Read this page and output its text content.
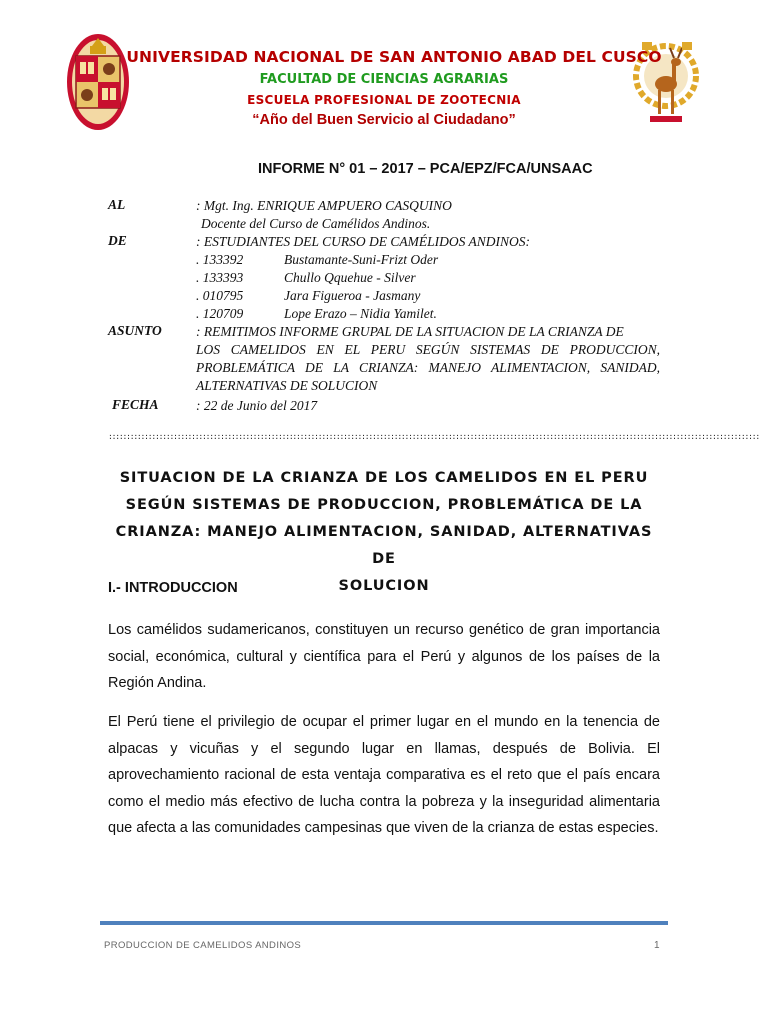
UNIVERSIDAD NACIONAL DE SAN ANTONIO ABAD DEL CUSCO
FACULTAD DE CIENCIAS AGRARIAS
ESCUELA PROFESIONAL DE ZOOTECNIA
“Año del Buen Servicio al Ciudadano”
INFORME N° 01 – 2017 – PCA/EPZ/FCA/UNSAAC
AL	: Mgt. Ing. ENRIQUE AMPUERO CASQUINO
Docente del Curso de Camélidos Andinos.
DE	: ESTUDIANTES DEL CURSO DE CAMÉLIDOS ANDINOS:
. 133392	Bustamante-Suni-Frizt Oder
. 133393	Chullo Qquehue - Silver
. 010795	Jara Figueroa - Jasmany
. 120709	Lope Erazo – Nidia Yamilet.
ASUNTO	: REMITIMOS INFORME GRUPAL DE LA SITUACION DE LA CRIANZA DE
LOS CAMELIDOS EN EL PERU SEGÚN SISTEMAS DE PRODUCCION,
PROBLEMÁTICA DE LA CRIANZA: MANEJO ALIMENTACION, SANIDAD,
ALTERNATIVAS DE SOLUCION
FECHA	: 22 de Junio del 2017
::::::::::::::::::::::::::::::::::::::::::::::::::::::::::::::::::::::::::::::::::::::::::::::::::::::::::::::::::::::::::::::::::::::::::::::::::::::::::::::::::::::::::::::::::::
SITUACION DE LA CRIANZA DE LOS CAMELIDOS EN EL PERU
SEGÚN SISTEMAS DE PRODUCCION, PROBLEMÁTICA DE LA
CRIANZA: MANEJO ALIMENTACION, SANIDAD, ALTERNATIVAS DE
SOLUCION
I.- INTRODUCCION
Los camélidos sudamericanos, constituyen un recurso genético de gran importancia social, económica, cultural y científica para el Perú y algunos de los países de la Región Andina.
El Perú tiene el privilegio de ocupar el primer lugar en el mundo en la tenencia de alpacas y vicuñas y el segundo lugar en llamas, después de Bolivia. El aprovechamiento racional de esta ventaja comparativa es el reto que el país encara como el medio más efectivo de lucha contra la pobreza y la inseguridad alimentaria que afecta a las comunidades campesinas que viven de la crianza de estas especies.
PRODUCCION DE CAMELIDOS ANDINOS	1
